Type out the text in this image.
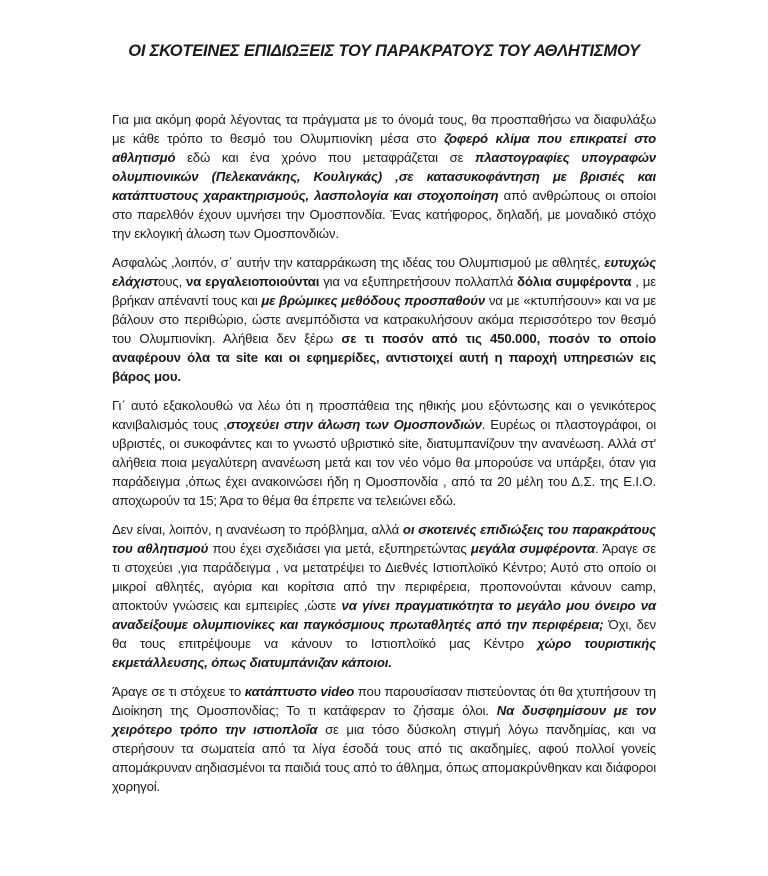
ΟΙ ΣΚΟΤΕΙΝΕΣ ΕΠΙΔΙΩΞΕΙΣ ΤΟΥ ΠΑΡΑΚΡΑΤΟΥΣ ΤΟΥ ΑΘΛΗΤΙΣΜΟΥ

Για μια ακόμη φορά λέγοντας τα πράγματα με το όνομά τους, θα προσπαθήσω να διαφυλάξω με κάθε τρόπο το θεσμό του Ολυμπιονίκη μέσα στο ζοφερό κλίμα που επικρατεί στο αθλητισμό εδώ και ένα χρόνο που μεταφράζεται σε πλαστογραφίες υπογραφών ολυμπιονικών (Πελεκανάκης, Κουλιγκάς) ,σε κατασυκοφάντηση με βρισιές και κατάπτυστους χαρακτηρισμούς, λασπολογία και στοχοποίηση από ανθρώπους οι οποίοι στο παρελθόν έχουν υμνήσει την Ομοσπονδία. Ένας κατήφορος, δηλαδή, με μοναδικό στόχο την εκλογική άλωση των Ομοσπονδιών.

Ασφαλώς ,λοιπόν, σ΄ αυτήν την καταρράκωση της ιδέας του Ολυμπισμού με αθλητές, ευτυχώς ελάχιστους, να εργαλειοποιούνται για να εξυπηρετήσουν πολλαπλά δόλια συμφέροντα , με βρήκαν απέναντί τους και με βρώμικες μεθόδους προσπαθούν να με «κτυπήσουν» και να με βάλουν στο περιθώριο, ώστε ανεμπόδιστα να κατρακυλήσουν ακόμα περισσότερο τον θεσμό του Ολυμπιονίκη. Αλήθεια δεν ξέρω σε τι ποσόν από τις 450.000, ποσόν το οποίο αναφέρουν όλα τα site και οι εφημερίδες, αντιστοιχεί αυτή η παροχή υπηρεσιών εις βάρος μου.

Γι΄ αυτό εξακολουθώ να λέω ότι η προσπάθεια της ηθικής μου εξόντωσης και ο γενικότερος κανιβαλισμός τους ,στοχεύει στην άλωση των Ομοσπονδιών. Ευρέως οι πλαστογράφοι, οι υβριστές, οι συκοφάντες και το γνωστό υβριστικό site, διατυμπανίζουν την ανανέωση. Αλλά στ' αλήθεια ποια μεγαλύτερη ανανέωση μετά και τον νέο νόμο θα μπορούσε να υπάρξει, όταν για παράδειγμα ,όπως έχει ανακοινώσει ήδη η Ομοσπονδία , από τα 20 μέλη του Δ.Σ. της Ε.Ι.Ο. αποχωρούν τα 15; Άρα το θέμα θα έπρεπε να τελειώνει εδώ.

Δεν είναι, λοιπόν, η ανανέωση το πρόβλημα, αλλά οι σκοτεινές επιδιώξεις του παρακράτους του αθλητισμού που έχει σχεδιάσει για μετά, εξυπηρετώντας μεγάλα συμφέροντα. Άραγε σε τι στοχεύει ,για παράδειγμα , να μετατρέψει το Διεθνές Ιστιοπλοϊκό Κέντρο; Αυτό στο οποίο οι μικροί αθλητές, αγόρια και κορίτσια από την περιφέρεια, προπονούνται κάνουν camp, αποκτούν γνώσεις και εμπειρίες ,ώστε να γίνει πραγματικότητα το μεγάλο μου όνειρο να αναδείξουμε ολυμπιονίκες και παγκόσμιους πρωταθλητές από την περιφέρεια; Όχι, δεν θα τους επιτρέψουμε να κάνουν το Ιστιοπλοϊκό μας Κέντρο χώρο τουριστικής εκμετάλλευσης, όπως διατυμπάνιζαν κάποιοι.

Άραγε σε τι στόχευε το κατάπτυστο video που παρουσίασαν πιστεύοντας ότι θα χτυπήσουν τη Διοίκηση της Ομοσπονδίας; Το τι κατάφεραν το ζήσαμε όλοι. Να δυσφημίσουν με τον χειρότερο τρόπο την ιστιοπλοΐα σε μια τόσο δύσκολη στιγμή λόγω πανδημίας, και να στερήσουν τα σωματεία από τα λίγα έσοδά τους από τις ακαδημίες, αφού πολλοί γονείς απομάκρυναν αηδιασμένοι τα παιδιά τους από το άθλημα, όπως απομακρύνθηκαν και διάφοροι χορηγοί.
